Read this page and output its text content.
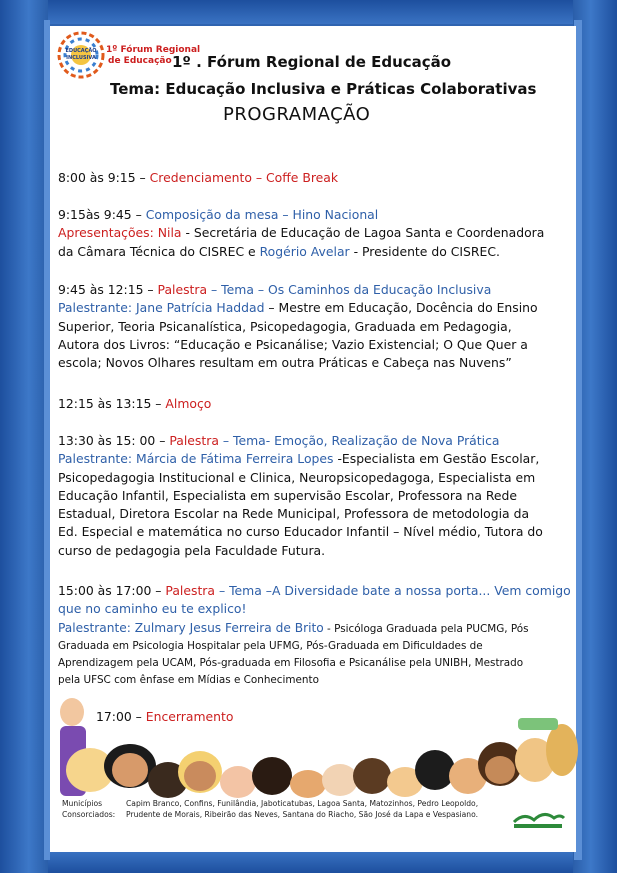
EDUCAÇÃO
INCLUSIVA
1º Fórum Regional
de Educação 1º . Fórum Regional de Educação
Tema: Educação Inclusiva e Práticas Colaborativas
PROGRAMAÇÃO
8:00 às 9:15 – Credenciamento – Coffe Break
9:15às 9:45 – Composição da mesa – Hino Nacional
Apresentações: Nila - Secretária de Educação de Lagoa Santa e Coordenadora
da Câmara Técnica do CISREC e Rogério Avelar - Presidente do CISREC.
9:45 às 12:15 – Palestra – Tema – Os Caminhos da Educação Inclusiva
Palestrante: Jane Patrícia Haddad – Mestre em Educação, Docência do Ensino
Superior, Teoria Psicanalística, Psicopedagogia, Graduada em Pedagogia,
Autora dos Livros: “Educação e Psicanálise; Vazio Existencial; O Que Quer a
escola; Novos Olhares resultam em outra Práticas e Cabeça nas Nuvens”
12:15 às 13:15 – Almoço
13:30 às 15: 00 – Palestra – Tema- Emoção, Realização de Nova Prática
Palestrante: Márcia de Fátima Ferreira Lopes -Especialista em Gestão Escolar,
Psicopedagogia Institucional e Clinica, Neuropsicopedagoga, Especialista em
Educação Infantil, Especialista em supervisão Escolar, Professora na Rede
Estadual, Diretora Escolar na Rede Municipal, Professora de metodologia da
Ed. Especial e matemática no curso Educador Infantil – Nível médio, Tutora do
curso de pedagogia pela Faculdade Futura.
15:00 às 17:00 – Palestra – Tema –A Diversidade bate a nossa porta... Vem comigo
que no caminho eu te explico!
Palestrante: Zulmary Jesus Ferreira de Brito - Psicóloga Graduada pela PUCMG, Pós
Graduada em Psicologia Hospitalar pela UFMG, Pós-Graduada em Dificuldades de
Aprendizagem pela UCAM, Pós-graduada em Filosofia e Psicanálise pela UNIBH, Mestrado
pela UFSC com ênfase em Mídias e Conhecimento
17:00 – Encerramento
Municípios
Consorciados:
Capim Branco, Confins, Funilândia, Jaboticatubas, Lagoa Santa, Matozinhos, Pedro Leopoldo,
Prudente de Morais, Ribeirão das Neves, Santana do Riacho, São José da Lapa e Vespasiano.
